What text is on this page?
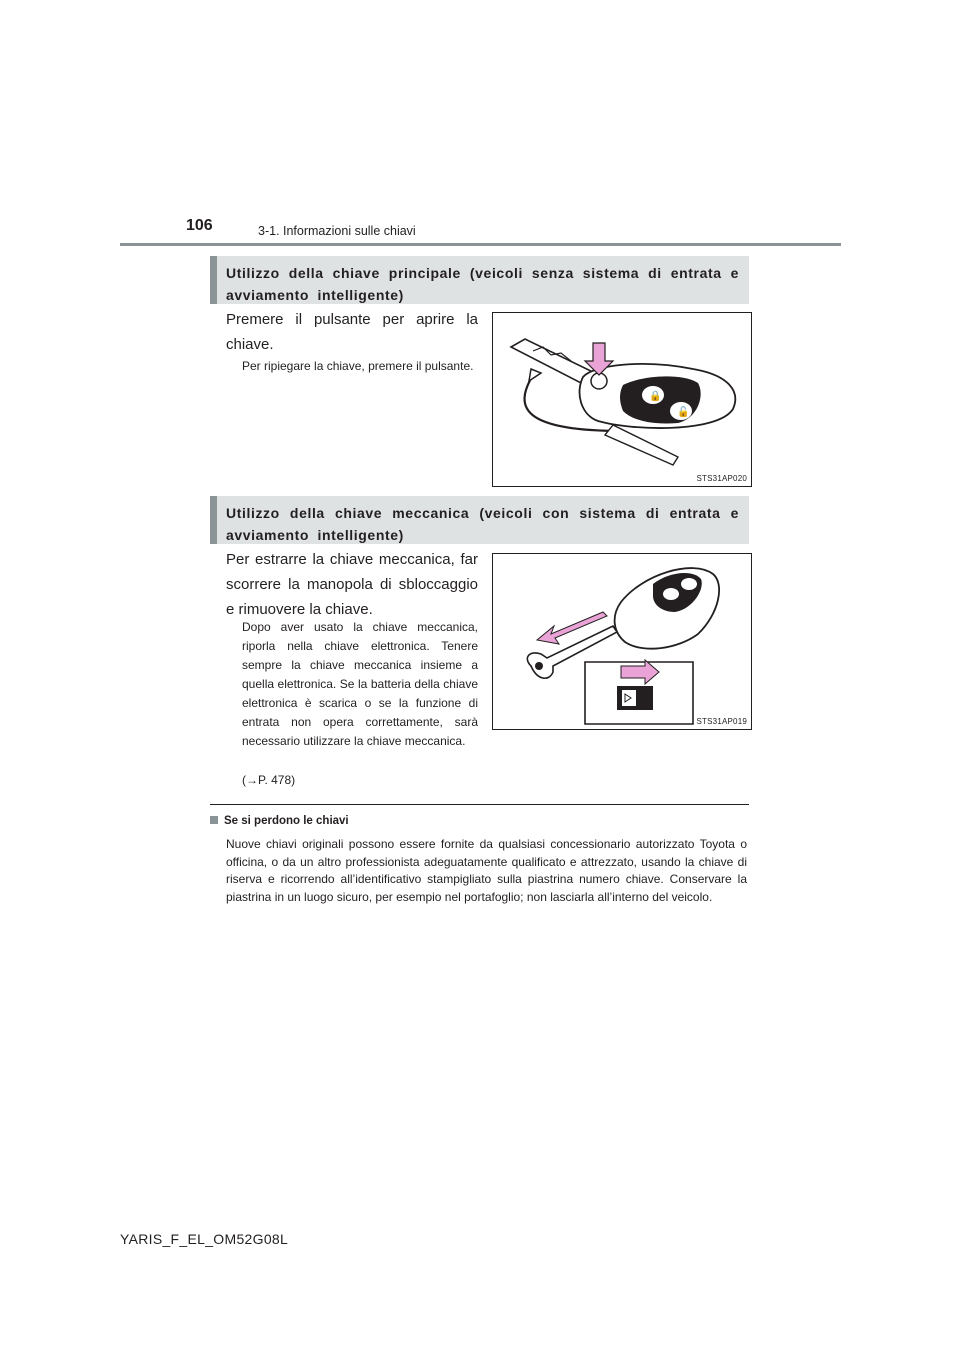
106	3-1. Informazioni sulle chiavi
Utilizzo della chiave principale (veicoli senza sistema di entrata e avviamento intelligente)
Premere il pulsante per aprire la chiave.
Per ripiegare la chiave, premere il pulsante.
🔒
🔓
STS31AP020
Utilizzo della chiave meccanica (veicoli con sistema di entrata e avviamento intelligente)
Per estrarre la chiave meccanica, far scorrere la manopola di sbloccaggio e rimuovere la chiave.
Dopo aver usato la chiave meccanica, riporla nella chiave elettronica. Tenere sempre la chiave meccanica insieme a quella elettronica. Se la batteria della chiave elettronica è scarica o se la funzione di entrata non opera correttamente, sarà necessario utilizzare la chiave meccanica.
(→P. 478)
STS31AP019
Se si perdono le chiavi
Nuove chiavi originali possono essere fornite da qualsiasi concessionario autorizzato Toyota o officina, o da un altro professionista adeguatamente qualificato e attrezzato, usando la chiave di riserva e ricorrendo all’identificativo stampigliato sulla piastrina numero chiave. Conservare la piastrina in un luogo sicuro, per esempio nel portafoglio; non lasciarla all’interno del veicolo.
YARIS_F_EL_OM52G08L
